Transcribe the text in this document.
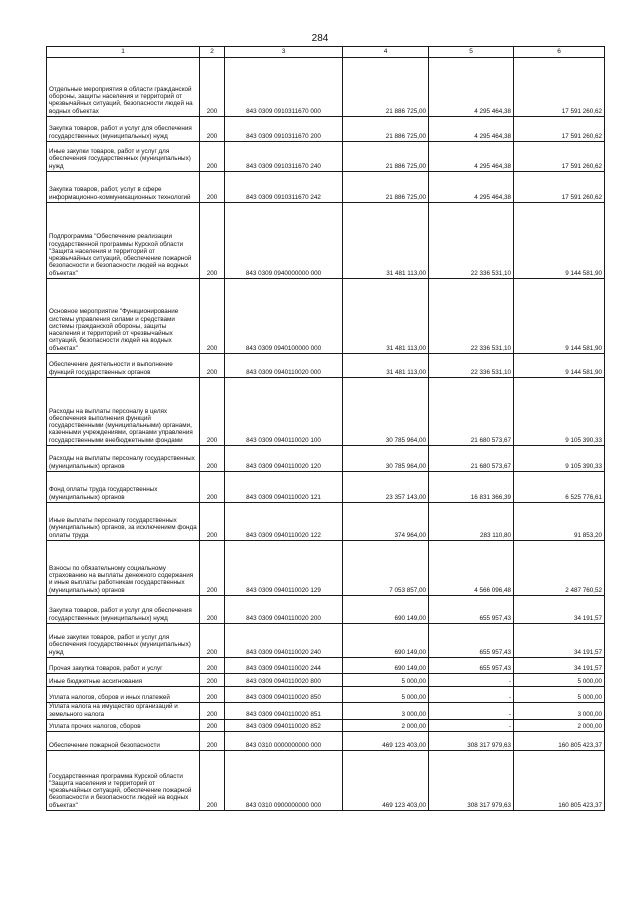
284
1	2	3	4	5	6
Отдельные мероприятия в области гражданской обороны, защиты населения и территорий от чрезвычайных ситуаций, безопасности людей на водных объектах	200	843 0309 0910311670 000	21 886 725,00	4 295 464,38	17 591 260,62
Закупка товаров, работ и услуг для обеспечения государственных (муниципальных) нужд	200	843 0309 0910311670 200	21 886 725,00	4 295 464,38	17 591 260,62
Иные закупки товаров, работ и услуг для обеспечения государственных (муниципальных) нужд	200	843 0309 0910311670 240	21 886 725,00	4 295 464,38	17 591 260,62
Закупка товаров, работ, услуг в сфере информационно-коммуникационных технологий	200	843 0309 0910311670 242	21 886 725,00	4 295 464,38	17 591 260,62
Подпрограмма "Обеспечение реализации государственной программы Курской области "Защита населения и территорий от чрезвычайных ситуаций, обеспечение пожарной безопасности и безопасности людей на водных объектах"	200	843 0309 0940000000 000	31 481 113,00	22 336 531,10	9 144 581,90
Основное мероприятие "Функционирование системы управления силами и средствами системы гражданской обороны, защиты населения и территорий от чрезвычайных ситуаций, безопасности людей на водных объектах"	200	843 0309 0940100000 000	31 481 113,00	22 336 531,10	9 144 581,90
Обеспечение деятельности и выполнение функций государственных органов	200	843 0309 0940110020 000	31 481 113,00	22 336 531,10	9 144 581,90
Расходы на выплаты персоналу в целях обеспечения выполнения функций государственными (муниципальными) органами, казенными учреждениями, органами управления государственными внебюджетными фондами	200	843 0309 0940110020 100	30 785 964,00	21 680 573,67	9 105 390,33
Расходы на выплаты персоналу государственных (муниципальных) органов	200	843 0309 0940110020 120	30 785 964,00	21 680 573,67	9 105 390,33
Фонд оплаты труда государственных (муниципальных) органов	200	843 0309 0940110020 121	23 357 143,00	16 831 366,39	6 525 776,61
Иные выплаты персоналу государственных (муниципальных) органов, за исключением фонда оплаты труда	200	843 0309 0940110020 122	374 964,00	283 110,80	91 853,20
Взносы по обязательному социальному страхованию на выплаты денежного содержания и иные выплаты работникам государственных (муниципальных) органов	200	843 0309 0940110020 129	7 053 857,00	4 566 096,48	2 487 760,52
Закупка товаров, работ и услуг для обеспечения государственных (муниципальных) нужд	200	843 0309 0940110020 200	690 149,00	655 957,43	34 191,57
Иные закупки товаров, работ и услуг для обеспечения государственных (муниципальных) нужд	200	843 0309 0940110020 240	690 149,00	655 957,43	34 191,57
Прочая закупка товаров, работ и услуг	200	843 0309 0940110020 244	690 149,00	655 957,43	34 191,57
Иные бюджетные ассигнования	200	843 0309 0940110020 800	5 000,00	-	5 000,00
Уплата налогов, сборов и иных платежей	200	843 0309 0940110020 850	5 000,00	-	5 000,00
Уплата налога на имущество организаций и земельного налога	200	843 0309 0940110020 851	3 000,00	-	3 000,00
Уплата прочих налогов, сборов	200	843 0309 0940110020 852	2 000,00	-	2 000,00
Обеспечение пожарной безопасности	200	843 0310 0000000000 000	469 123 403,00	308 317 979,63	160 805 423,37
Государственная программа Курской области "Защита населения и территорий от чрезвычайных ситуаций, обеспечение пожарной безопасности и безопасности людей на водных объектах"	200	843 0310 0900000000 000	469 123 403,00	308 317 979,63	160 805 423,37
